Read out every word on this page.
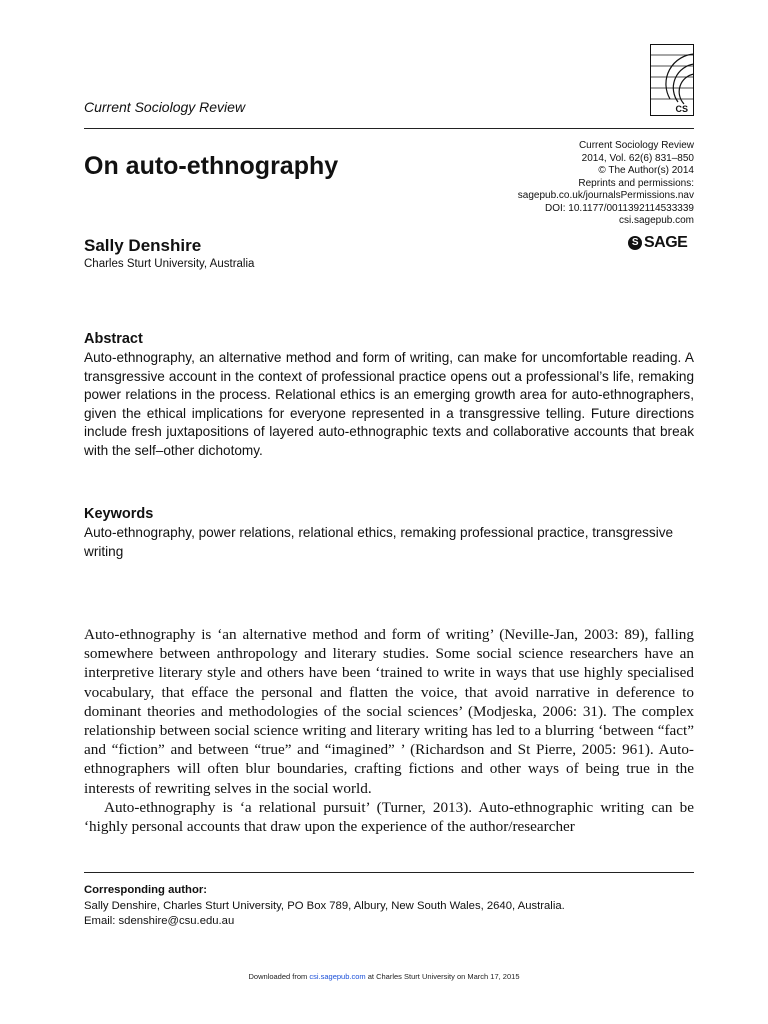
Current Sociology Review	CS
Current Sociology Review
2014, Vol. 62(6) 831–850
© The Author(s) 2014
Reprints and permissions:
sagepub.co.uk/journalsPermissions.nav
DOI: 10.1177/0011392114533339
csi.sagepub.com
S SAGE
On auto-ethnography
Sally Denshire
Charles Sturt University, Australia
Abstract

Auto-ethnography, an alternative method and form of writing, can make for uncomfortable reading. A transgressive account in the context of professional practice opens out a professional’s life, remaking power relations in the process. Relational ethics is an emerging growth area for auto-ethnographers, given the ethical implications for everyone represented in a transgressive telling. Future directions include fresh juxtapositions of layered auto-ethnographic texts and collaborative accounts that break with the self–other dichotomy.

Keywords

Auto-ethnography, power relations, relational ethics, remaking professional practice, transgressive writing

Auto-ethnography is ‘an alternative method and form of writing’ (Neville-Jan, 2003: 89), falling somewhere between anthropology and literary studies. Some social science researchers have an interpretive literary style and others have been ‘trained to write in ways that use highly specialised vocabulary, that efface the personal and flatten the voice, that avoid narrative in deference to dominant theories and methodologies of the social sciences’ (Modjeska, 2006: 31). The complex relationship between social science writing and literary writing has led to a blurring ‘between “fact” and “fiction” and between “true” and “imagined” ’ (Richardson and St Pierre, 2005: 961). Auto-ethnographers will often blur boundaries, crafting fictions and other ways of being true in the interests of rewriting selves in the social world.

Auto-ethnography is ‘a relational pursuit’ (Turner, 2013). Auto-ethnographic writing can be ‘highly personal accounts that draw upon the experience of the author/researcher

Corresponding author:
Sally Denshire, Charles Sturt University, PO Box 789, Albury, New South Wales, 2640, Australia.
Email: sdenshire@csu.edu.au
Downloaded from csi.sagepub.com at Charles Sturt University on March 17, 2015
